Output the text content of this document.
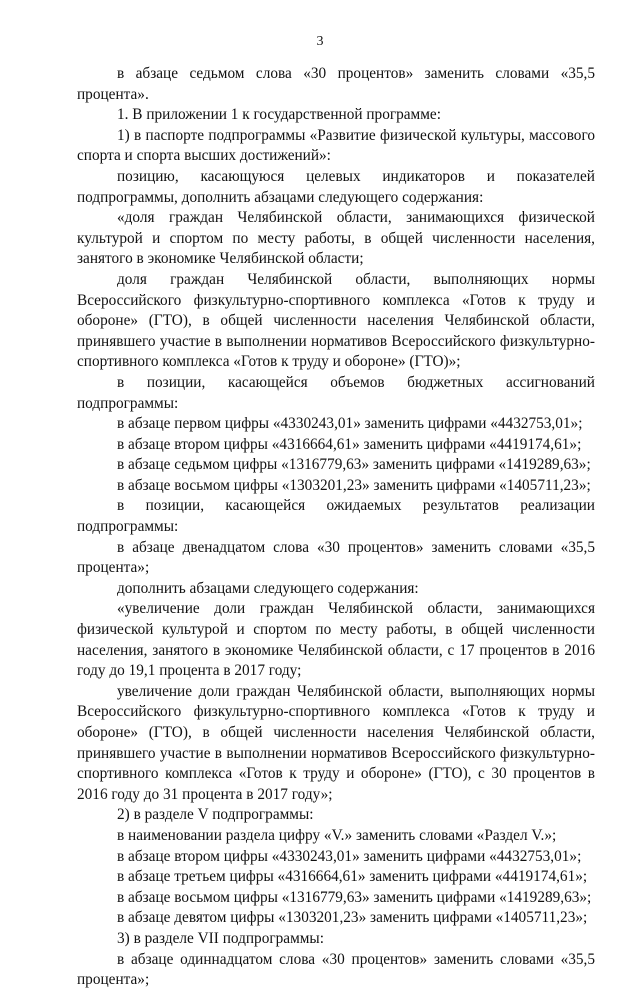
3

в абзаце седьмом слова «30 процентов» заменить словами «35,5 процента».

1. В приложении 1 к государственной программе:

1) в паспорте подпрограммы «Развитие физической культуры, массового спорта и спорта высших достижений»:

позицию, касающуюся целевых индикаторов и показателей подпрограммы, дополнить абзацами следующего содержания:

«доля граждан Челябинской области, занимающихся физической культурой и спортом по месту работы, в общей численности населения, занятого в экономике Челябинской области;

доля граждан Челябинской области, выполняющих нормы Всероссийского физкультурно-спортивного комплекса «Готов к труду и обороне» (ГТО), в общей численности населения Челябинской области, принявшего участие в выполнении нормативов Всероссийского физкультурно-спортивного комплекса «Готов к труду и обороне» (ГТО)»;

в позиции, касающейся объемов бюджетных ассигнований подпрограммы:

в абзаце первом цифры «4330243,01» заменить цифрами «4432753,01»;

в абзаце втором цифры «4316664,61» заменить цифрами «4419174,61»;

в абзаце седьмом цифры «1316779,63» заменить цифрами «1419289,63»;

в абзаце восьмом цифры «1303201,23» заменить цифрами «1405711,23»;

в позиции, касающейся ожидаемых результатов реализации подпрограммы:

в абзаце двенадцатом слова «30 процентов» заменить словами «35,5 процента»;

дополнить абзацами следующего содержания:

«увеличение доли граждан Челябинской области, занимающихся физической культурой и спортом по месту работы, в общей численности населения, занятого в экономике Челябинской области, с 17 процентов в 2016 году до 19,1 процента в 2017 году;

увеличение доли граждан Челябинской области, выполняющих нормы Всероссийского физкультурно-спортивного комплекса «Готов к труду и обороне» (ГТО), в общей численности населения Челябинской области, принявшего участие в выполнении нормативов Всероссийского физкультурно-спортивного комплекса «Готов к труду и обороне» (ГТО), с 30 процентов в 2016 году до 31 процента в 2017 году»;

2) в разделе V подпрограммы:

в наименовании раздела цифру «V.» заменить словами «Раздел V.»;

в абзаце втором цифры «4330243,01» заменить цифрами «4432753,01»;

в абзаце третьем цифры «4316664,61» заменить цифрами «4419174,61»;

в абзаце восьмом цифры «1316779,63» заменить цифрами «1419289,63»;

в абзаце девятом цифры «1303201,23» заменить цифрами «1405711,23»;

3) в разделе VII подпрограммы:

в абзаце одиннадцатом слова «30 процентов» заменить словами «35,5 процента»;
